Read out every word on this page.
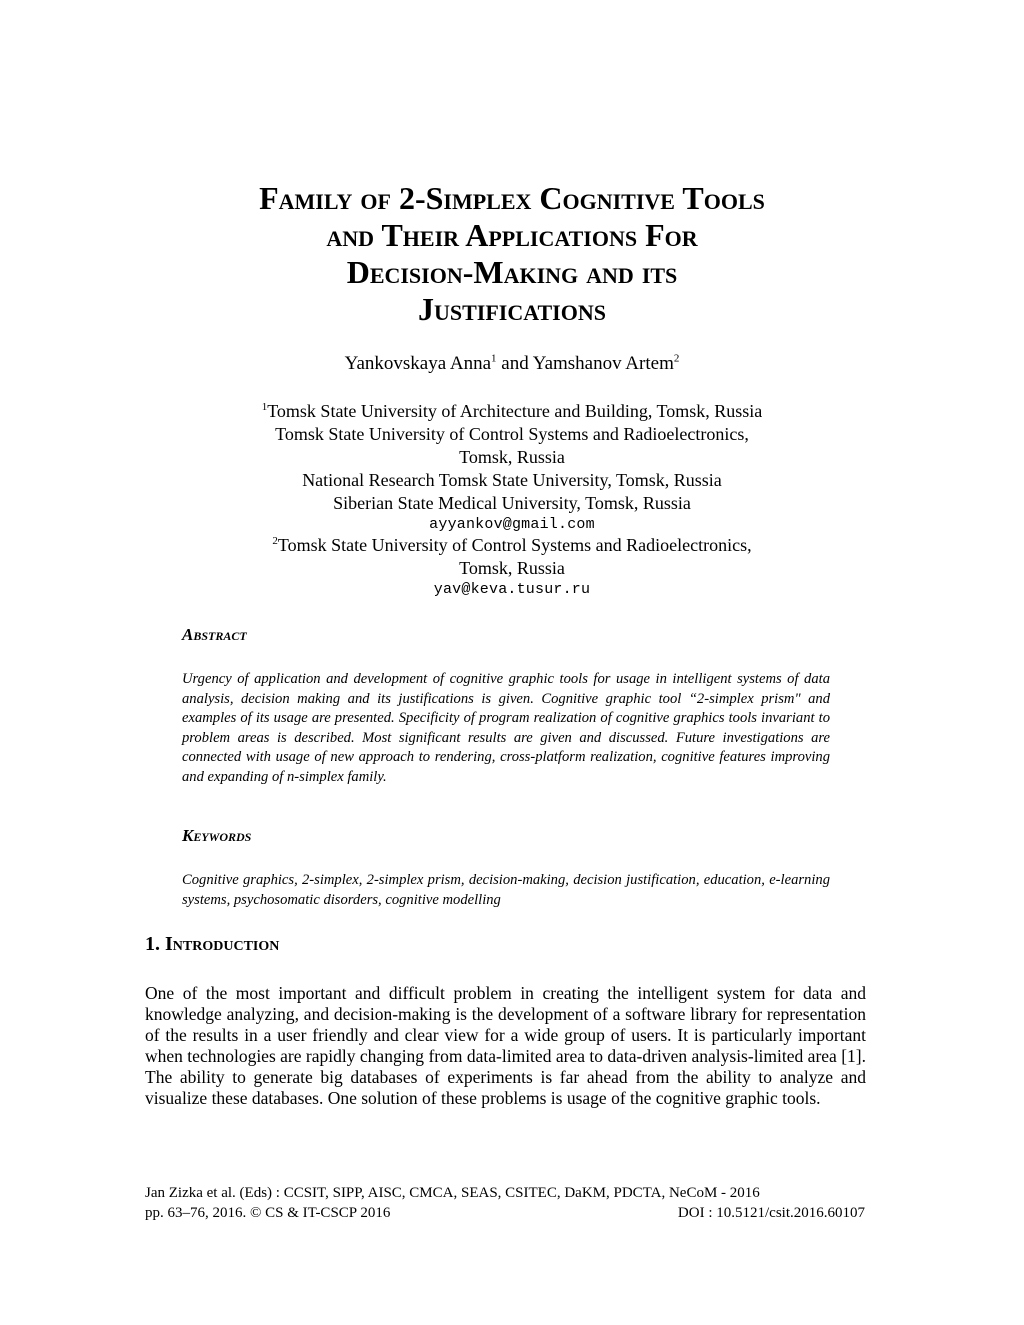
Family of 2-Simplex Cognitive Tools
and Their Applications For
Decision-Making and its
Justifications
Yankovskaya Anna$^1$ and Yamshanov Artem$^2$
$^1$Tomsk State University of Architecture and Building, Tomsk, Russia
Tomsk State University of Control Systems and Radioelectronics,
Tomsk, Russia
National Research Tomsk State University, Tomsk, Russia
Siberian State Medical University, Tomsk, Russia
ayyankov@gmail.com
$^2$Tomsk State University of Control Systems and Radioelectronics,
Tomsk, Russia
yav@keva.tusur.ru
Abstract

Urgency of application and development of cognitive graphic tools for usage in intelligent systems of data analysis, decision making and its justifications is given. Cognitive graphic tool “2-simplex prism" and examples of its usage are presented. Specificity of program realization of cognitive graphics tools invariant to problem areas is described. Most significant results are given and discussed. Future investigations are connected with usage of new approach to rendering, cross-platform realization, cognitive features improving and expanding of n-simplex family.

Keywords

Cognitive graphics, 2-simplex, 2-simplex prism, decision-making, decision justification, education, e-learning systems, psychosomatic disorders, cognitive modelling

1. Introduction

One of the most important and difficult problem in creating the intelligent system for data and knowledge analyzing, and decision-making is the development of a software library for representation of the results in a user friendly and clear view for a wide group of users. It is particularly important when technologies are rapidly changing from data-limited area to data-driven analysis-limited area [1]. The ability to generate big databases of experiments is far ahead from the ability to analyze and visualize these databases. One solution of these problems is usage of the cognitive graphic tools.

Jan Zizka et al. (Eds) : CCSIT, SIPP, AISC, CMCA, SEAS, CSITEC, DaKM, PDCTA, NeCoM - 2016
pp. 63–76, 2016. © CS & IT-CSCP 2016	DOI : 10.5121/csit.2016.60107
